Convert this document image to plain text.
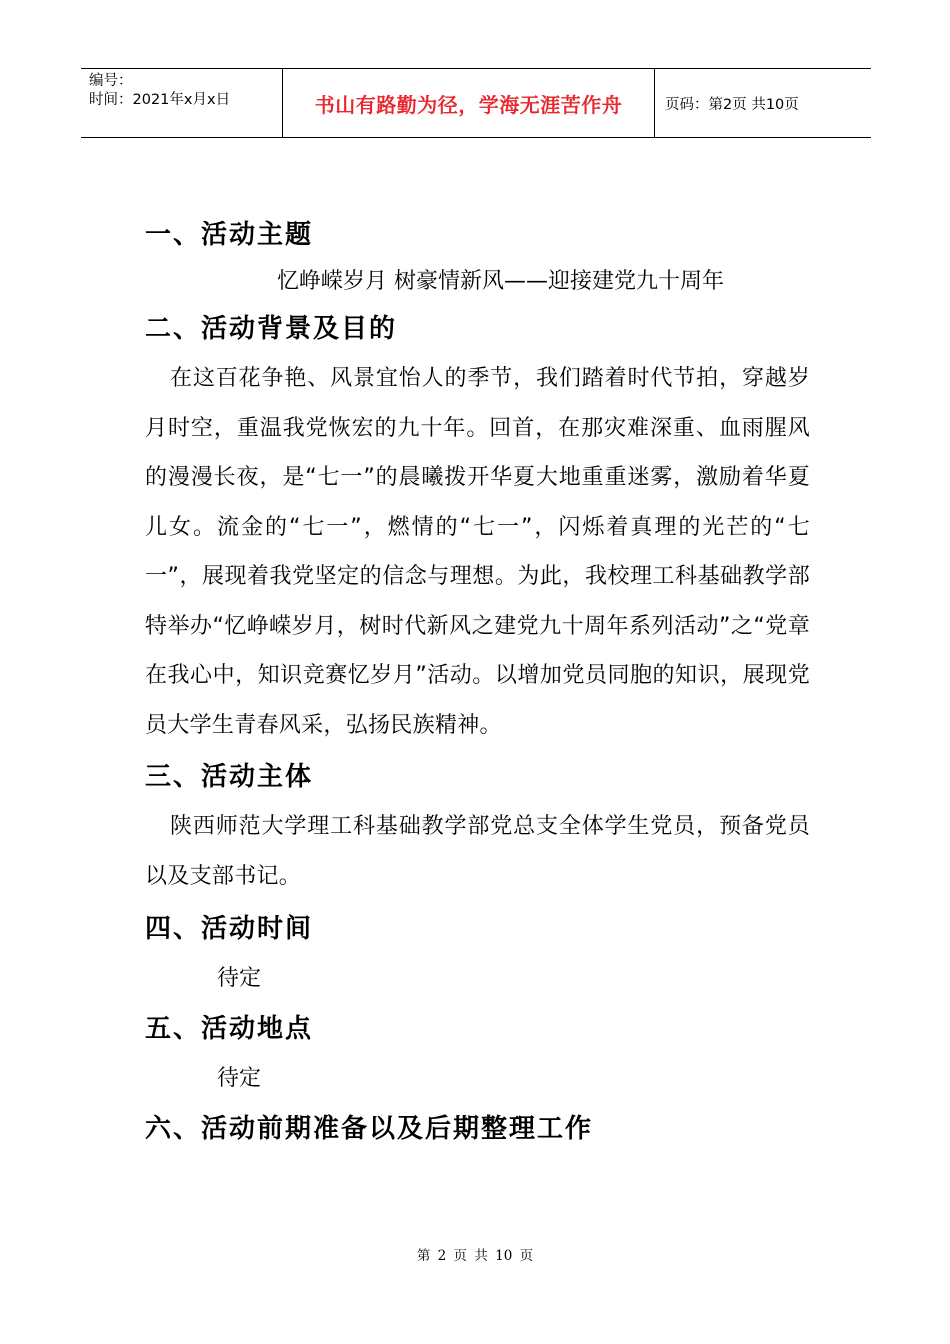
编号：
时间：2021年x月x日	书山有路勤为径，学海无涯苦作舟	页码：第2页 共10页
一、活动主题

忆峥嵘岁月 树豪情新风——迎接建党九十周年

二、活动背景及目的

在这百花争艳、风景宜怡人的季节，我们踏着时代节拍，穿越岁月时空，重温我党恢宏的九十年。回首，在那灾难深重、血雨腥风的漫漫长夜，是“七一”的晨曦拨开华夏大地重重迷雾，激励着华夏儿女。流金的“七一”，燃情的“七一”，闪烁着真理的光芒的“七一”，展现着我党坚定的信念与理想。为此，我校理工科基础教学部特举办“忆峥嵘岁月，树时代新风之建党九十周年系列活动”之“党章在我心中，知识竞赛忆岁月”活动。以增加党员同胞的知识，展现党员大学生青春风采，弘扬民族精神。

三、活动主体

陕西师范大学理工科基础教学部党总支全体学生党员，预备党员以及支部书记。

四、活动时间

待定

五、活动地点

待定

六、活动前期准备以及后期整理工作
第 2 页 共 10 页
